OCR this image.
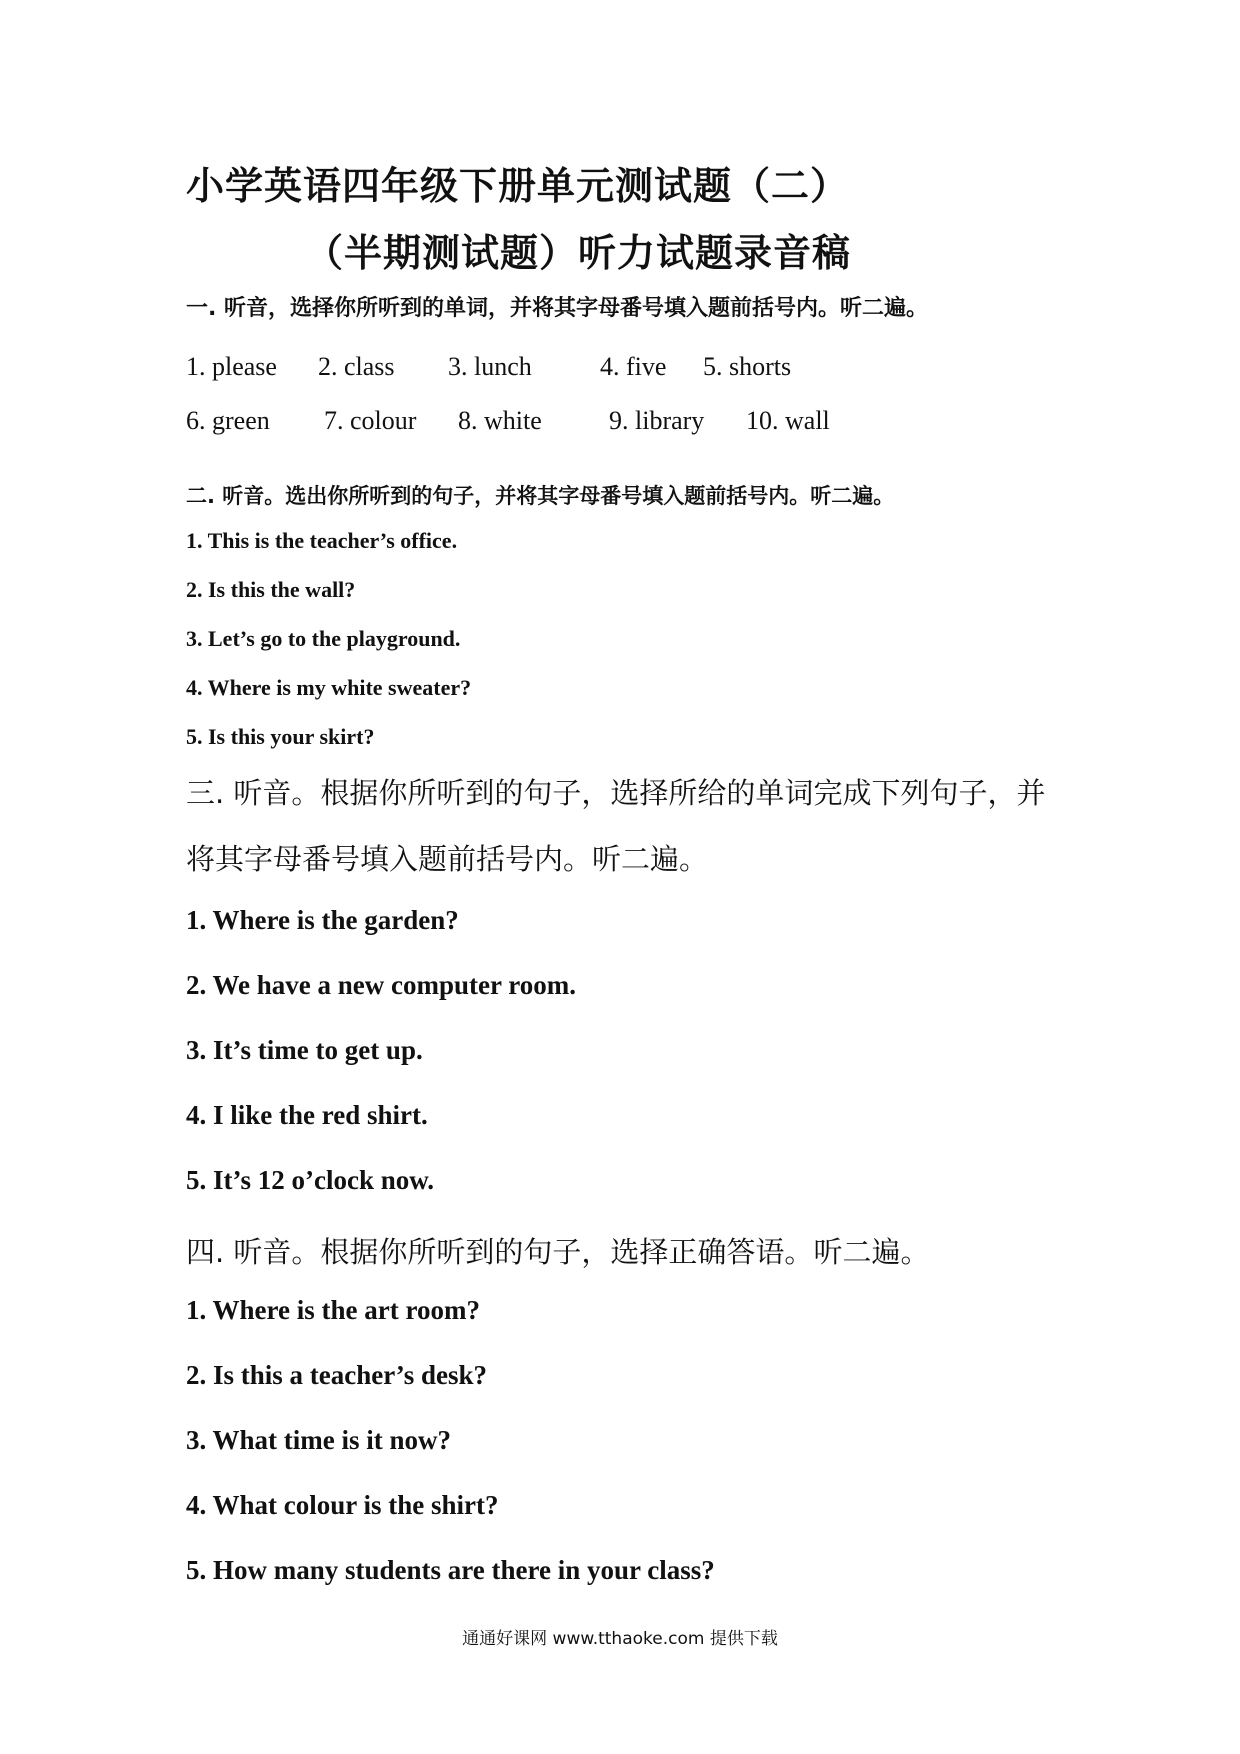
小学英语四年级下册单元测试题（二）
（半期测试题）听力试题录音稿
一. 听音，选择你所听到的单词，并将其字母番号填入题前括号内。听二遍。
1. please 2. class 3. lunch	4. five 5. shorts
6. green 7. colour 8. white	9. library 10. wall
二. 听音。选出你所听到的句子，并将其字母番号填入题前括号内。听二遍。
1. This is the teacher’s office.
2. Is this the wall?
3. Let’s go to the playground.
4. Where is my white sweater?
5. Is this your skirt?
三. 听音。根据你所听到的句子，选择所给的单词完成下列句子，并
将其字母番号填入题前括号内。听二遍。
1. Where is the garden?
2. We have a new computer room.
3. It’s time to get up.
4. I like the red shirt.
5. It’s 12 o’clock now.
四. 听音。根据你所听到的句子，选择正确答语。听二遍。
1. Where is the art room?
2. Is this a teacher’s desk?
3. What time is it now?
4. What colour is the shirt?
5. How many students are there in your class?
通通好课网 www.tthaoke.com 提供下载
